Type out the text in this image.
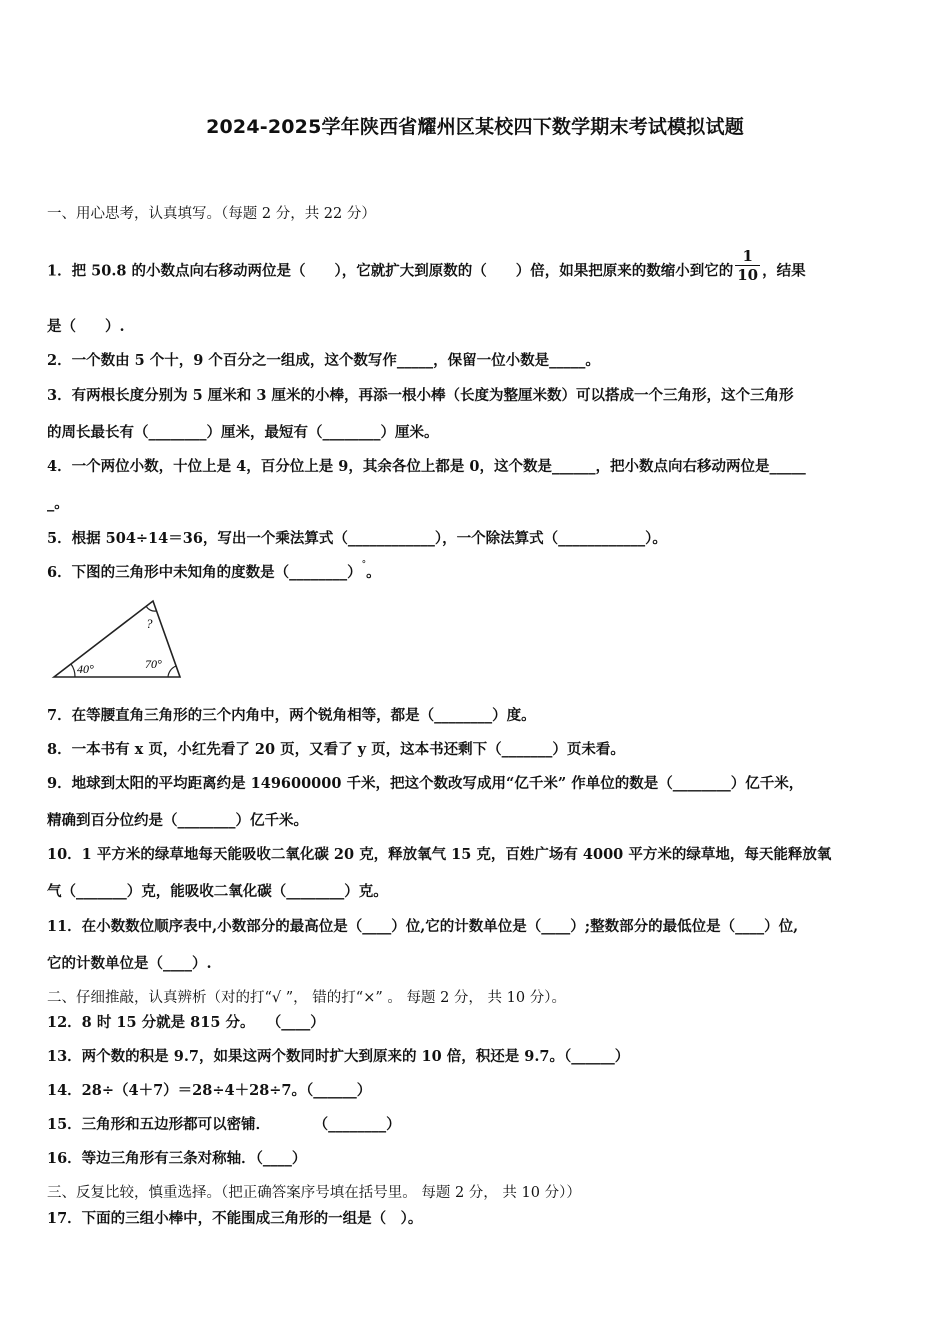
2024-2025学年陕西省耀州区某校四下数学期末考试模拟试题
一、用心思考，认真填写。（每题 2 分，共 22 分）
1．把 50.8 的小数点向右移动两位是（　　），它就扩大到原数的（　　）倍，如果把原来的数缩小到它的 $\frac{1}{10}$ ，结果
是（　　）.
2．一个数由 5 个十，9 个百分之一组成，这个数写作_____，保留一位小数是_____。
3．有两根长度分别为 5 厘米和 3 厘米的小棒，再添一根小棒（长度为整厘米数）可以搭成一个三角形，这个三角形
的周长最长有（________）厘米，最短有（________）厘米。
4．一个两位小数，十位上是 4，百分位上是 9，其余各位上都是 0，这个数是______，把小数点向右移动两位是_____
_。
5．根据 504÷14＝36，写出一个乘法算式（____________），一个除法算式（____________）。
6．下图的三角形中未知角的度数是（________）°。
40°	70°
?
7．在等腰直角三角形的三个内角中，两个锐角相等，都是（________）度。
8．一本书有 x 页，小红先看了 20 页，又看了 y 页，这本书还剩下（_______）页未看。
9．地球到太阳的平均距离约是 149600000 千米，把这个数改写成用“亿千米” 作单位的数是（________）亿千米，
精确到百分位约是（________）亿千米。
10．1 平方米的绿草地每天能吸收二氧化碳 20 克，释放氧气 15 克，百姓广场有 4000 平方米的绿草地，每天能释放氧
气（_______）克，能吸收二氧化碳（________）克。
11．在小数数位顺序表中,小数部分的最高位是（____）位,它的计数单位是（____）;整数部分的最低位是（____）位,
它的计数单位是（____）.
二、仔细推敲，认真辨析（对的打“√ ”， 错的打“×” 。 每题 2 分， 共 10 分）。
12．8 时 15 分就是 815 分。　 （____）
13．两个数的积是 9.7，如果这两个数同时扩大到原来的 10 倍，积还是 9.7。（______）
14．28÷（4＋7）＝28÷4＋28÷7。（______）
15．三角形和五边形都可以密铺．　　　　（________）
16．等边三角形有三条对称轴．（____）
三、反复比较，慎重选择。（把正确答案序号填在括号里。 每题 2 分， 共 10 分））
17．下面的三组小棒中，不能围成三角形的一组是（　）。
